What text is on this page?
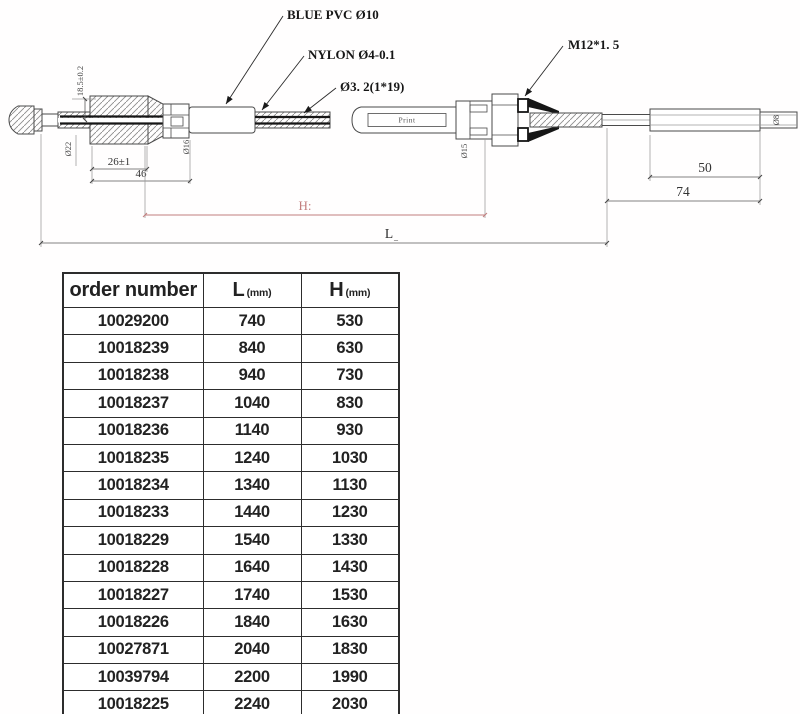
Print
BLUE PVC Ø10
NYLON Ø4-0.1
Ø3. 2(1*19)
M12*1. 5
18.5±0.2
Ø22	Ø16	Ø15
Ø8
26±1
46	50
74
H:
L _
order number	L (mm)	H (mm)
10029200	740	530
10018239	840	630
10018238	940	730
10018237	1040	830
10018236	1140	930
10018235	1240	1030
10018234	1340	1130
10018233	1440	1230
10018229	1540	1330
10018228	1640	1430
10018227	1740	1530
10018226	1840	1630
10027871	2040	1830
10039794	2200	1990
10018225	2240	2030
